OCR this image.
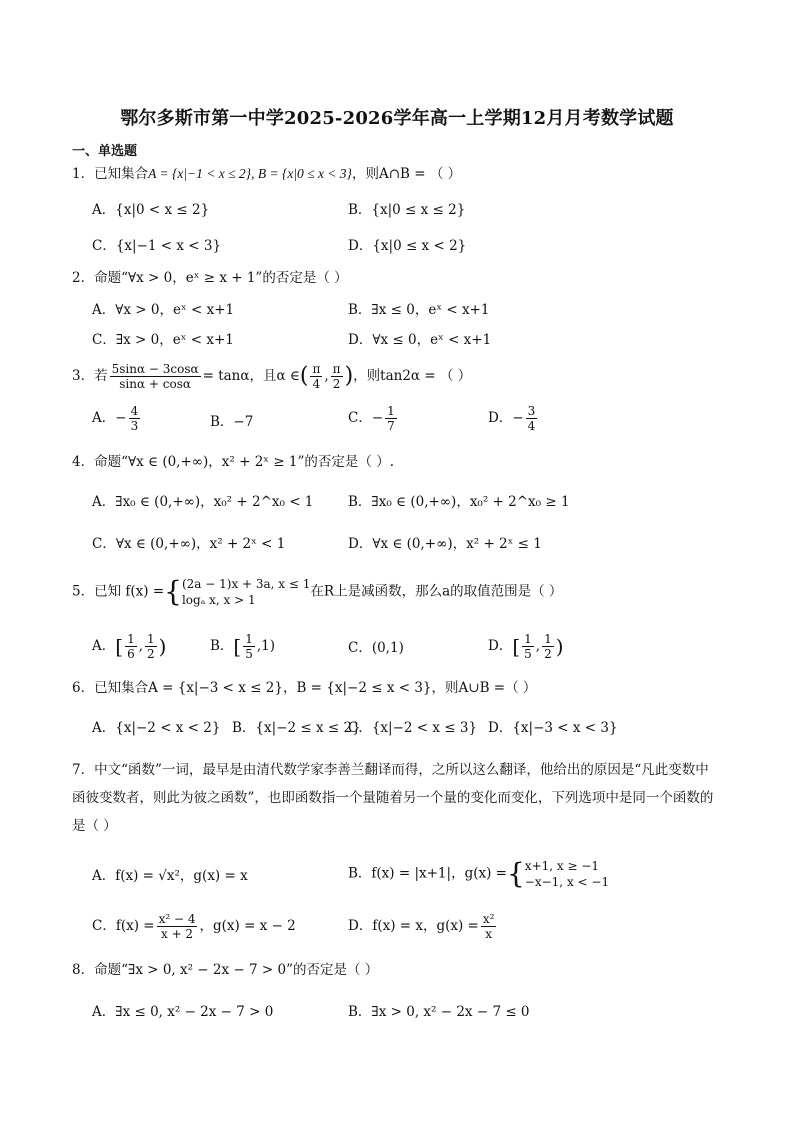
鄂尔多斯市第一中学2025-2026学年高一上学期12月月考数学试题
一、单选题
1．已知集合A = {x|−1 < x ≤ 2}, B = {x|0 ≤ x < 3}，则A∩B = （ ）
A．{x|0 < x ≤ 2}	B．{x|0 ≤ x ≤ 2}
C．{x|−1 < x < 3}	D．{x|0 ≤ x < 2}
2．命题“∀x > 0，eˣ ≥ x + 1”的否定是（ ）
A．∀x > 0，eˣ < x+1	B．∃x ≤ 0，eˣ < x+1
C．∃x > 0，eˣ < x+1	D．∀x ≤ 0，eˣ < x+1
3．若 $\frac{5\sin\alpha - 3\cos\alpha}{\sin\alpha + \cos\alpha} = \tan\alpha$，且α ∈( $\frac{\pi}{4}$ , $\frac{\pi}{2}$ )，则tan2α = （ ）
A．− $\frac{4}{3}$	B．−7	C．− $\frac{1}{7}$	D．− $\frac{3}{4}$
4．命题“∀x ∈ (0,+∞)，x² + 2ˣ ≥ 1”的否定是（ ）.
A．∃x₀ ∈ (0,+∞)，x₀² + 2^x₀ < 1	B．∃x₀ ∈ (0,+∞)，x₀² + 2^x₀ ≥ 1
C．∀x ∈ (0,+∞)，x² + 2ˣ < 1	D．∀x ∈ (0,+∞)，x² + 2ˣ ≤ 1
5．已知 f(x) ={ (2a − 1)x + 3a, x ≤ 1
logₐ x, x > 1
在R上是减函数，那么a的取值范围是（ ）
A．[ $\frac{1}{6}$ , $\frac{1}{2}$ )	B．[ $\frac{1}{5} ,1$)	C．(0,1)	D．[ $\frac{1}{5}$ , $\frac{1}{2}$ )
6．已知集合A = {x|−3 < x ≤ 2}，B = {x|−2 ≤ x < 3}，则A∪B =（ ）
A．{x|−2 < x < 2} B．{x|−2 ≤ x ≤ 2}
C．{x|−2 < x ≤ 3} D．{x|−3 < x < 3}
7．中文“函数”一词，最早是由清代数学家李善兰翻译而得，之所以这么翻译，他给出的原因是“凡此变数中函彼变数者，则此为彼之函数”，也即函数指一个量随着另一个量的变化而变化，下列选项中是同一个函数的是（ ）
A．f(x) = √x²，g(x) = x	B．f(x) = |x+1|，g(x) ={ x+1, x ≥ −1
−x−1, x < −1
C．$f(x) = \frac{\text{x² − 4}}{x + 2}$ ，g(x) = x − 2	D．f(x) = x，$g(x) = \frac{\text{x²}}{x}$
8．命题“∃x > 0, x² − 2x − 7 > 0”的否定是（ ）
A．∃x ≤ 0, x² − 2x − 7 > 0	B．∃x > 0, x² − 2x − 7 ≤ 0
